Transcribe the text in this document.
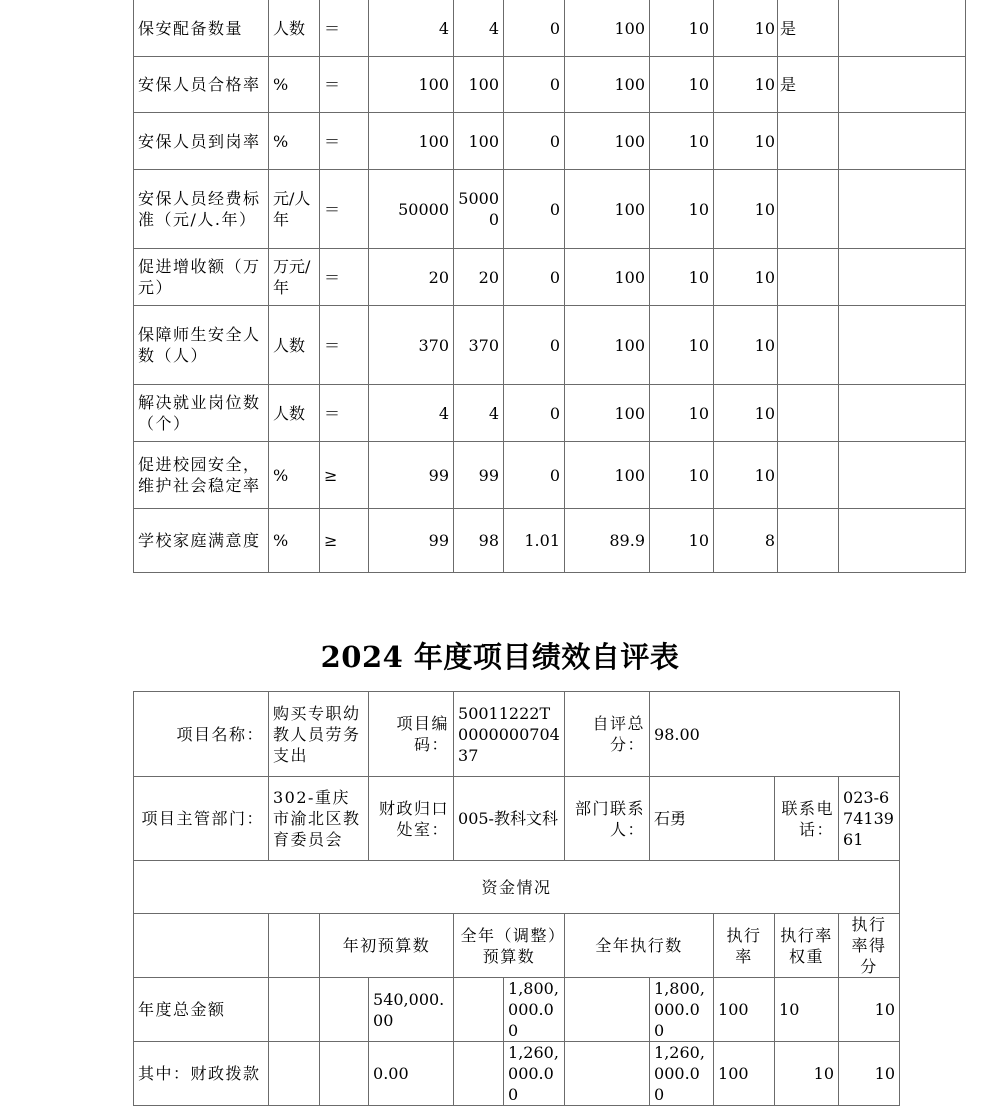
保安配备数量	人数	＝	4	4	0	100	10	10	是	
安保人员合格率	%	＝	100	100	0	100	10	10	是	
安保人员到岗率	%	＝	100	100	0	100	10	10		
安保人员经费标准（元/人.年）	元/人年	＝	50000	50000	0	100	10	10		
促进增收额（万元）	万元/年	＝	20	20	0	100	10	10		
保障师生安全人数（人）	人数	＝	370	370	0	100	10	10		
解决就业岗位数（个）	人数	＝	4	4	0	100	10	10		
促进校园安全，维护社会稳定率	%	≥	99	99	0	100	10	10		
学校家庭满意度	%	≥	99	98	1.01	89.9	10	8		
2024 年度项目绩效自评表
项目名称：	购买专职幼教人员劳务支出		项目编码：	50011222T000000070437		自评总分：	98.00			
项目主管部门：	302-重庆市渝北区教育委员会		财政归口处室：	005-教科文科		部门联系人：	石勇		联系电话：	023-67413961
资金情况										
		年初预算数		全年（调整）预算数		全年执行数		执行率	执行率权重	执行率得分
年度总金额			540,000.00		1,800,000.00		1,800,000.00	100	10	10
其中：财政拨款			0.00		1,260,000.00		1,260,000.00	100	10	10
